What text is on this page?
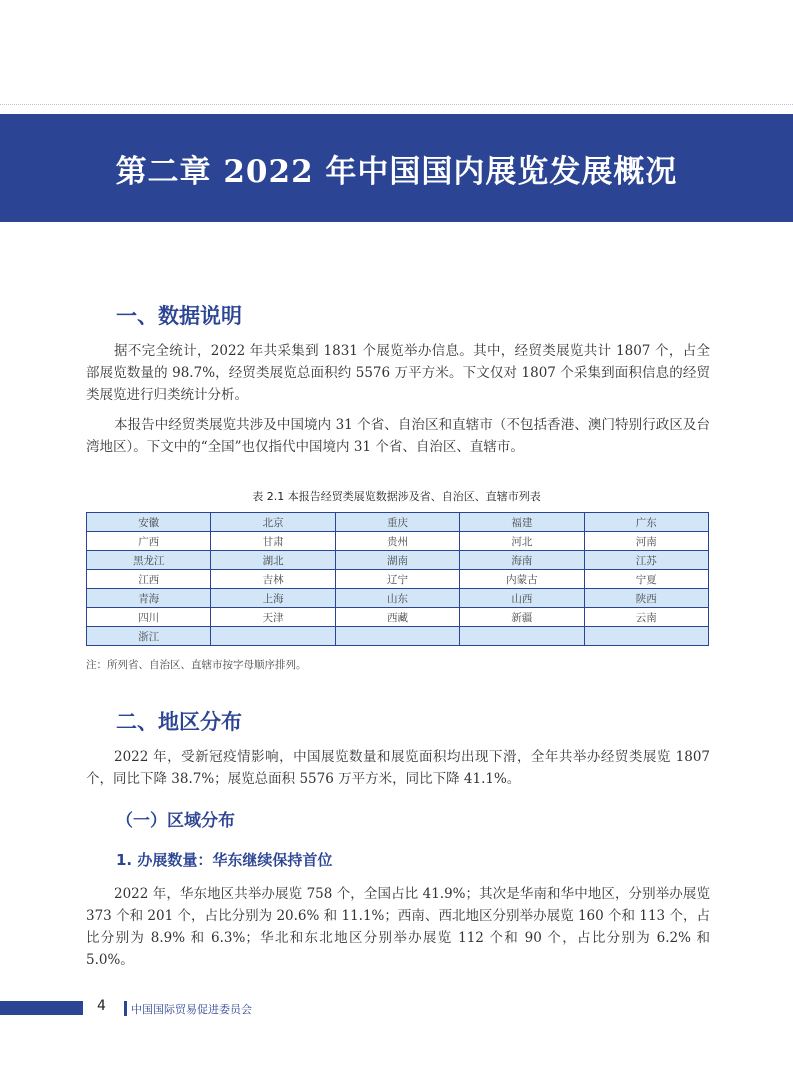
第二章 2022 年中国国内展览发展概况
一、数据说明

据不完全统计，2022 年共采集到 1831 个展览举办信息。其中，经贸类展览共计 1807 个，占全部展览数量的 98.7%，经贸类展览总面积约 5576 万平方米。下文仅对 1807 个采集到面积信息的经贸类展览进行归类统计分析。

本报告中经贸类展览共涉及中国境内 31 个省、自治区和直辖市（不包括香港、澳门特别行政区及台湾地区）。下文中的“全国”也仅指代中国境内 31 个省、自治区、直辖市。

表 2.1 本报告经贸类展览数据涉及省、自治区、直辖市列表

安徽	北京	重庆	福建	广东
广西	甘肃	贵州	河北	河南
黑龙江	湖北	湖南	海南	江苏
江西	吉林	辽宁	内蒙古	宁夏
青海	上海	山东	山西	陕西
四川	天津	西藏	新疆	云南
浙江				

注：所列省、自治区、直辖市按字母顺序排列。

二、地区分布

2022 年，受新冠疫情影响，中国展览数量和展览面积均出现下滑，全年共举办经贸类展览 1807 个，同比下降 38.7%；展览总面积 5576 万平方米，同比下降 41.1%。

（一）区域分布
1. 办展数量：华东继续保持首位

2022 年，华东地区共举办展览 758 个，全国占比 41.9%；其次是华南和华中地区，分别举办展览 373 个和 201 个，占比分别为 20.6% 和 11.1%；西南、西北地区分别举办展览 160 个和 113 个，占比分别为 8.9% 和 6.3%；华北和东北地区分别举办展览 112 个和 90 个，占比分别为 6.2% 和 5.0%。

4 中国国际贸易促进委员会
